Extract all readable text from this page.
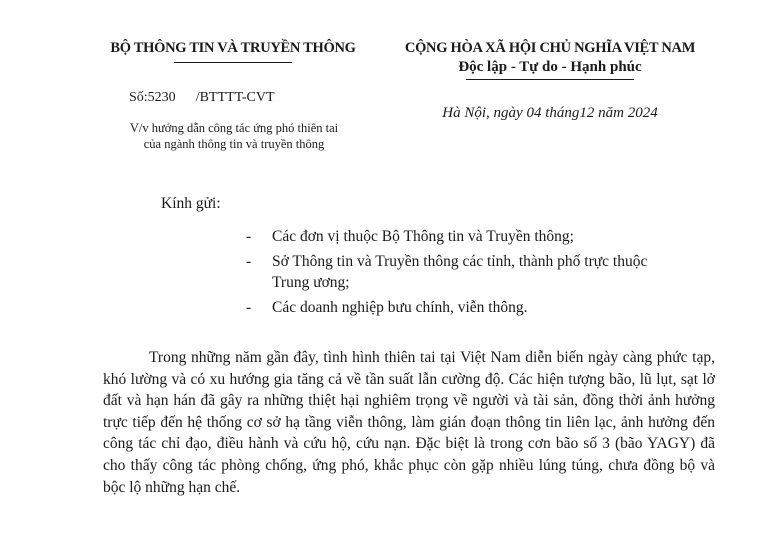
BỘ THÔNG TIN VÀ TRUYỀN THÔNG
Số:5230 /BTTTT-CVT
V/v hướng dẫn công tác ứng phó thiên tai
của ngành thông tin và truyền thông
CỘNG HÒA XÃ HỘI CHỦ NGHĨA VIỆT NAM
Độc lập - Tự do - Hạnh phúc
Hà Nội, ngày 04 tháng12 năm 2024
Kính gửi:
- Các đơn vị thuộc Bộ Thông tin và Truyền thông;
- Sở Thông tin và Truyền thông các tỉnh, thành phố trực thuộc Trung ương;
- Các doanh nghiệp bưu chính, viễn thông.

Trong những năm gần đây, tình hình thiên tai tại Việt Nam diễn biến ngày càng phức tạp, khó lường và có xu hướng gia tăng cả về tần suất lẫn cường độ. Các hiện tượng bão, lũ lụt, sạt lở đất và hạn hán đã gây ra những thiệt hại nghiêm trọng về người và tài sản, đồng thời ảnh hưởng trực tiếp đến hệ thống cơ sở hạ tầng viễn thông, làm gián đoạn thông tin liên lạc, ảnh hưởng đến công tác chỉ đạo, điều hành và cứu hộ, cứu nạn. Đặc biệt là trong cơn bão số 3 (bão YAGY) đã cho thấy công tác phòng chống, ứng phó, khắc phục còn gặp nhiều lúng túng, chưa đồng bộ và bộc lộ những hạn chế.
